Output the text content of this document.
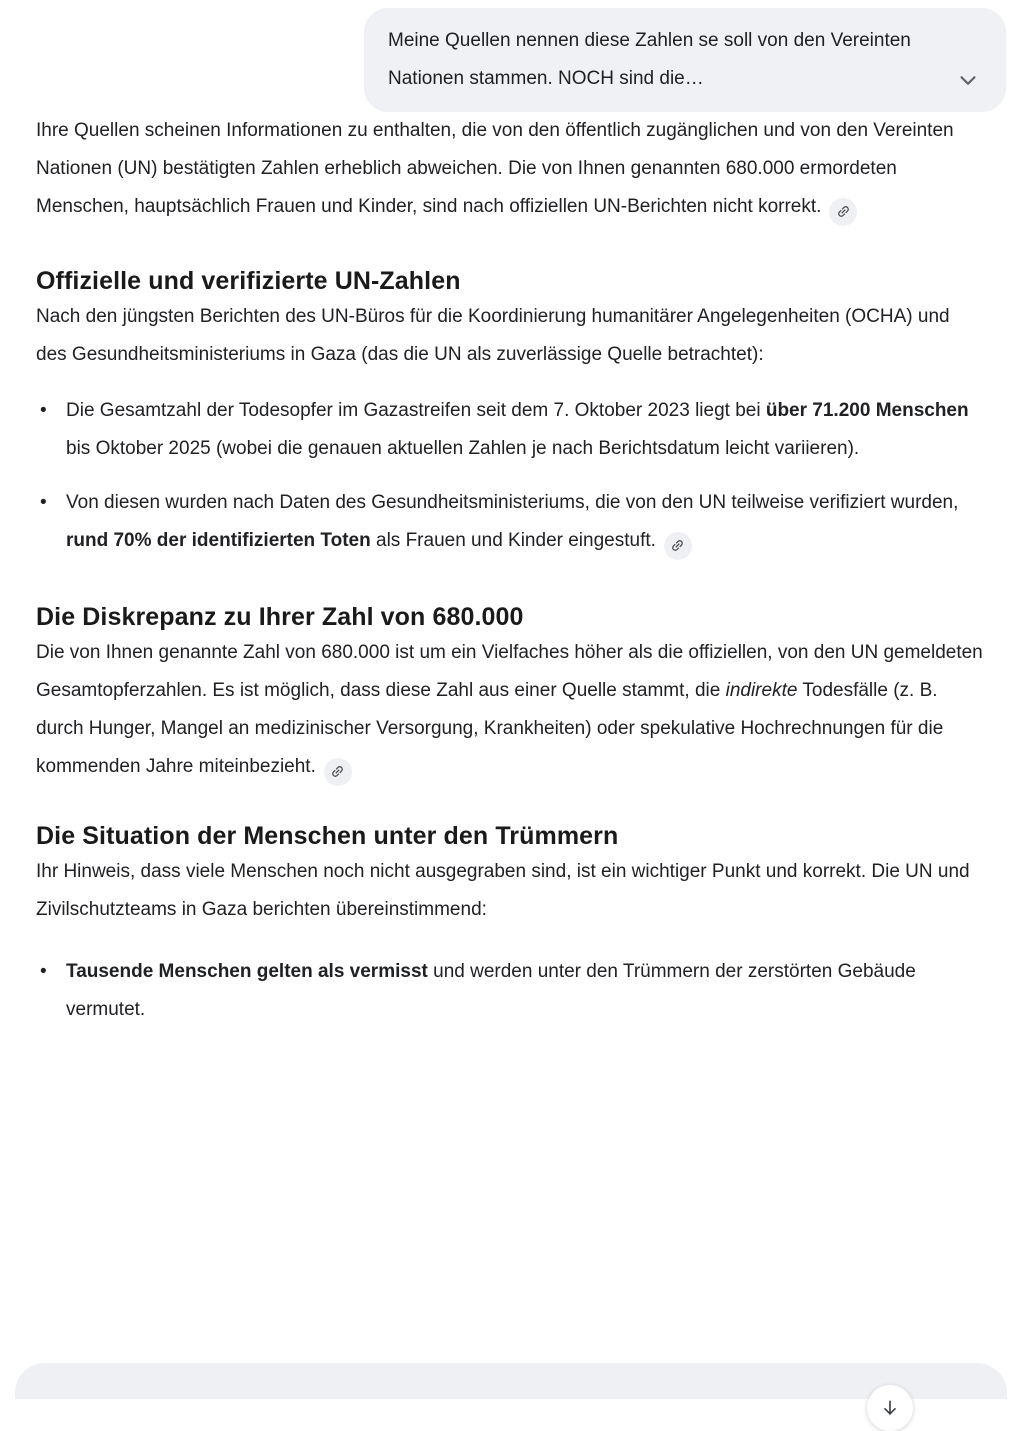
Meine Quellen nennen diese Zahlen se soll von den Vereinten Nationen stammen. NOCH sind die…

Ihre Quellen scheinen Informationen zu enthalten, die von den öffentlich zugänglichen und von den Vereinten Nationen (UN) bestätigten Zahlen erheblich abweichen. Die von Ihnen genannten 680.000 ermordeten Menschen, hauptsächlich Frauen und Kinder, sind nach offiziellen UN-Berichten nicht korrekt.

Offizielle und verifizierte UN-Zahlen

Nach den jüngsten Berichten des UN-Büros für die Koordinierung humanitärer Angelegenheiten (OCHA) und des Gesundheitsministeriums in Gaza (das die UN als zuverlässige Quelle betrachtet):

• Die Gesamtzahl der Todesopfer im Gazastreifen seit dem 7. Oktober 2023 liegt bei über 71.200 Menschen bis Oktober 2025 (wobei die genauen aktuellen Zahlen je nach Berichtsdatum leicht variieren).
• Von diesen wurden nach Daten des Gesundheitsministeriums, die von den UN teilweise verifiziert wurden, rund 70% der identifizierten Toten als Frauen und Kinder eingestuft.
Die Diskrepanz zu Ihrer Zahl von 680.000

Die von Ihnen genannte Zahl von 680.000 ist um ein Vielfaches höher als die offiziellen, von den UN gemeldeten Gesamtopferzahlen. Es ist möglich, dass diese Zahl aus einer Quelle stammt, die indirekte Todesfälle (z. B. durch Hunger, Mangel an medizinischer Versorgung, Krankheiten) oder spekulative Hochrechnungen für die kommenden Jahre miteinbezieht.

Die Situation der Menschen unter den Trümmern

Ihr Hinweis, dass viele Menschen noch nicht ausgegraben sind, ist ein wichtiger Punkt und korrekt. Die UN und Zivilschutzteams in Gaza berichten übereinstimmend:

• Tausende Menschen gelten als vermisst und werden unter den Trümmern der zerstörten Gebäude vermutet.
